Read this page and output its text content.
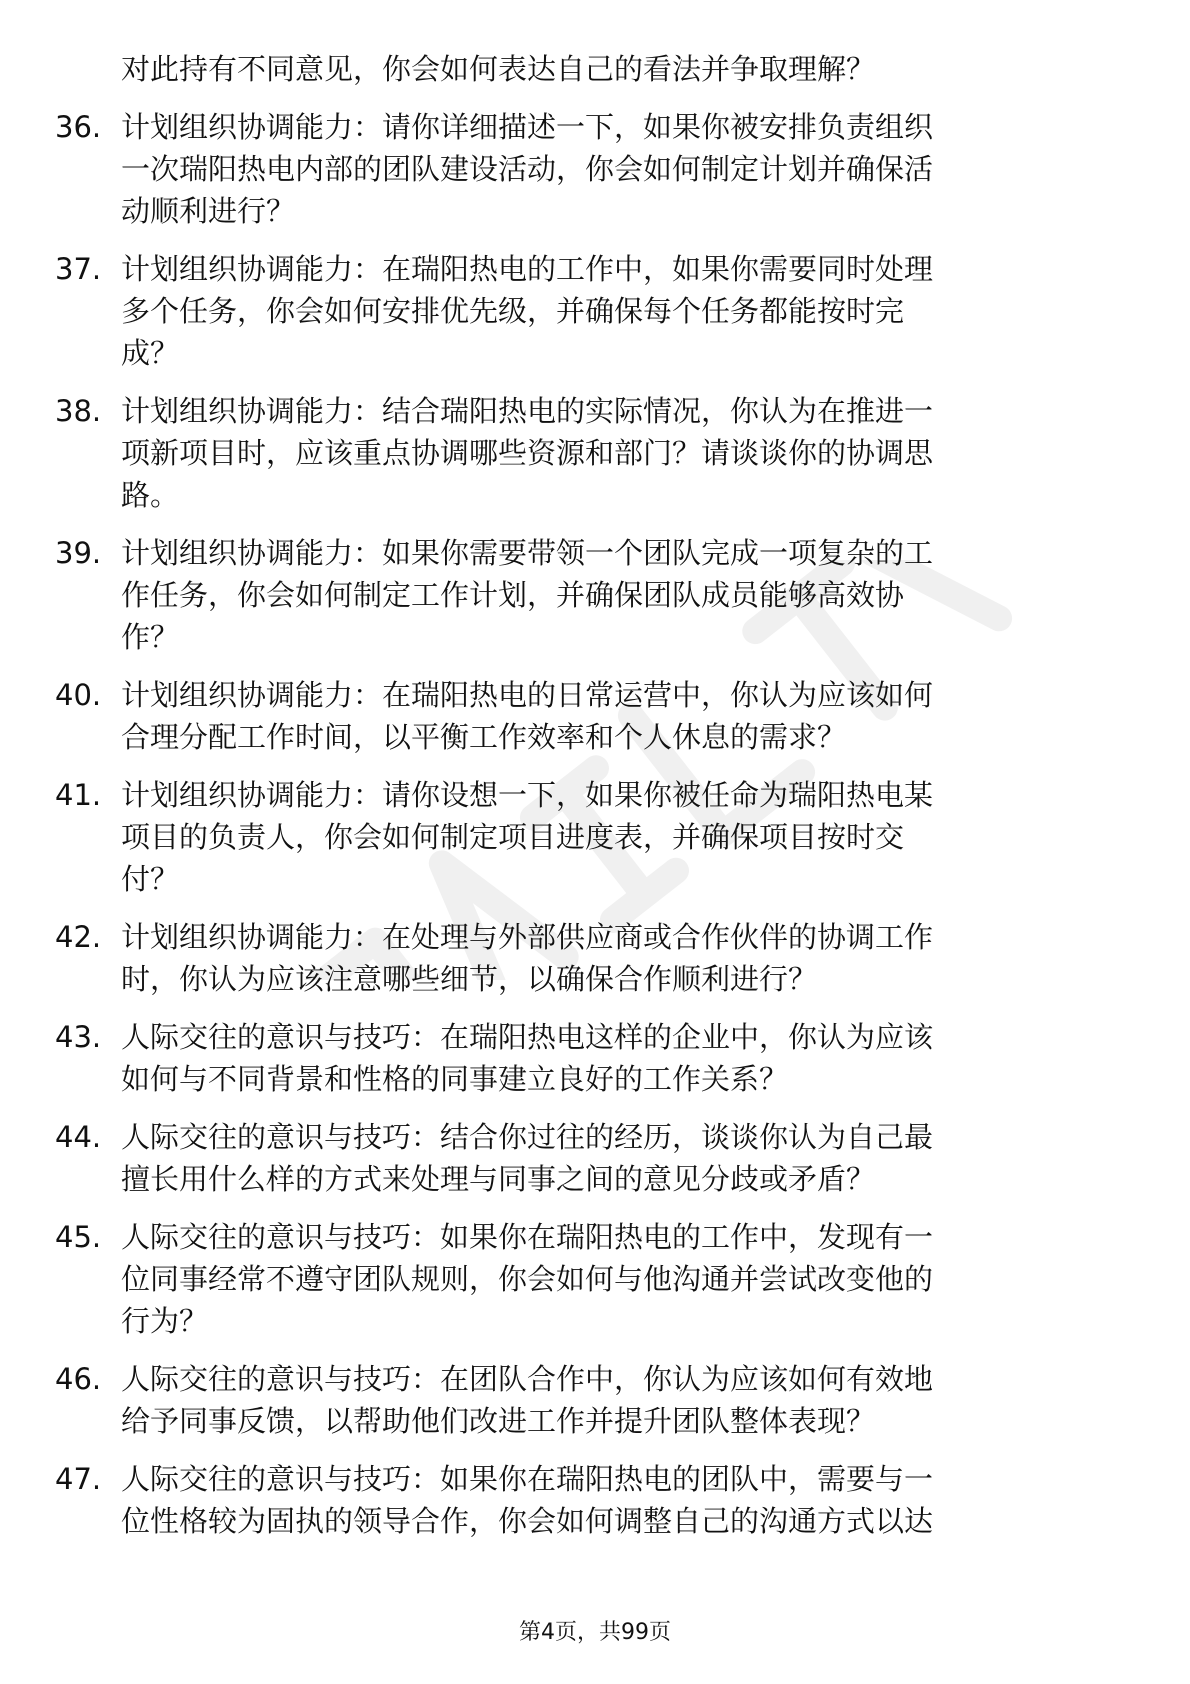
对此持有不同意见，你会如何表达自己的看法并争取理解？
36. 计划组织协调能力：请你详细描述一下，如果你被安排负责组织
一次瑞阳热电内部的团队建设活动，你会如何制定计划并确保活
动顺利进行？
37. 计划组织协调能力：在瑞阳热电的工作中，如果你需要同时处理
多个任务，你会如何安排优先级，并确保每个任务都能按时完
成？
38. 计划组织协调能力：结合瑞阳热电的实际情况，你认为在推进一
项新项目时，应该重点协调哪些资源和部门？请谈谈你的协调思
路。
39. 计划组织协调能力：如果你需要带领一个团队完成一项复杂的工
作任务，你会如何制定工作计划，并确保团队成员能够高效协
作？
40. 计划组织协调能力：在瑞阳热电的日常运营中，你认为应该如何
合理分配工作时间，以平衡工作效率和个人休息的需求？
41. 计划组织协调能力：请你设想一下，如果你被任命为瑞阳热电某
项目的负责人，你会如何制定项目进度表，并确保项目按时交
付？
42. 计划组织协调能力：在处理与外部供应商或合作伙伴的协调工作
时，你认为应该注意哪些细节，以确保合作顺利进行？
43. 人际交往的意识与技巧：在瑞阳热电这样的企业中，你认为应该
如何与不同背景和性格的同事建立良好的工作关系？
44. 人际交往的意识与技巧：结合你过往的经历，谈谈你认为自己最
擅长用什么样的方式来处理与同事之间的意见分歧或矛盾？
45. 人际交往的意识与技巧：如果你在瑞阳热电的工作中，发现有一
位同事经常不遵守团队规则，你会如何与他沟通并尝试改变他的
行为？
46. 人际交往的意识与技巧：在团队合作中，你认为应该如何有效地
给予同事反馈，以帮助他们改进工作并提升团队整体表现？
47. 人际交往的意识与技巧：如果你在瑞阳热电的团队中，需要与一
位性格较为固执的领导合作，你会如何调整自己的沟通方式以达
第4页，共99页
